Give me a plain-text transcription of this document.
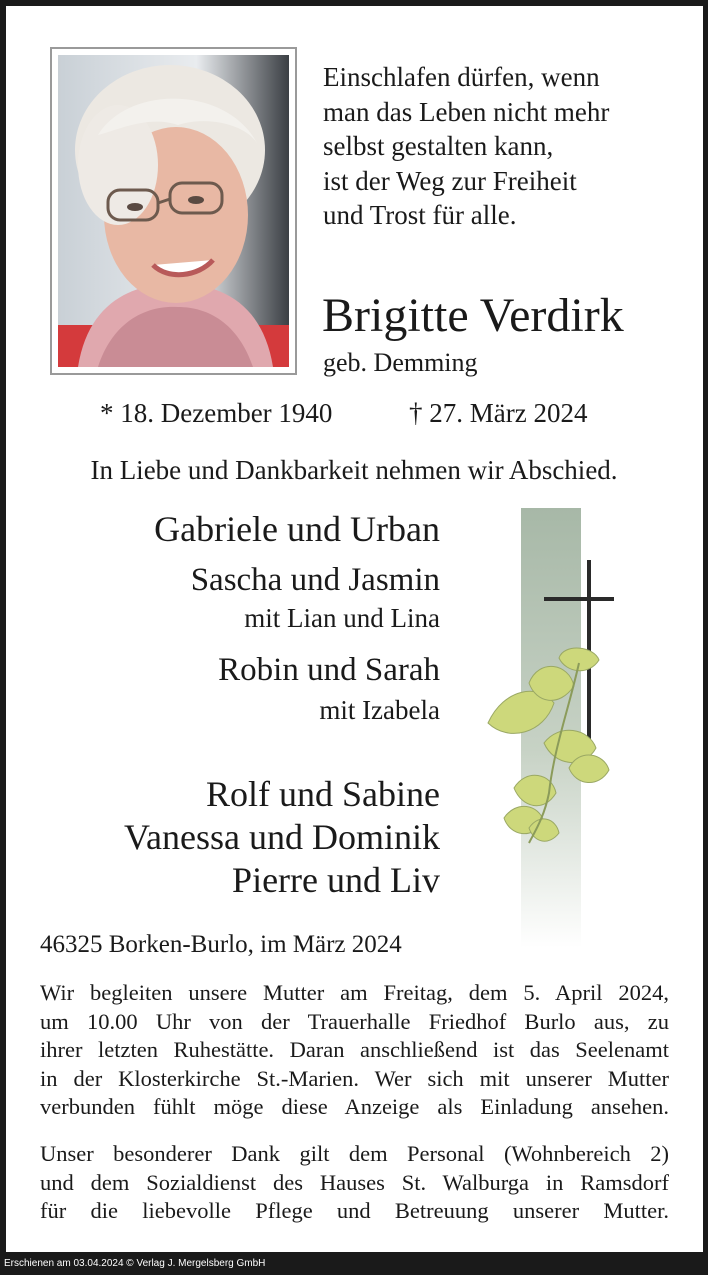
Einschlafen dürfen, wenn
man das Leben nicht mehr
selbst gestalten kann,
ist der Weg zur Freiheit
und Trost für alle.
Brigitte Verdirk
geb. Demming
* 18. Dezember 1940	† 27. März 2024
In Liebe und Dankbarkeit nehmen wir Abschied.
Gabriele und Urban
Sascha und Jasmin
mit Lian und Lina
Robin und Sarah
mit Izabela
Rolf und Sabine
Vanessa und Dominik
Pierre und Liv
46325 Borken-Burlo, im März 2024
Wir begleiten unsere Mutter am Freitag, dem 5. April 2024,
um 10.00 Uhr von der Trauerhalle Friedhof Burlo aus, zu
ihrer letzten Ruhestätte. Daran anschließend ist das Seelenamt
in der Klosterkirche St.-Marien. Wer sich mit unserer Mutter
verbunden fühlt möge diese Anzeige als Einladung ansehen.
Unser besonderer Dank gilt dem Personal (Wohnbereich 2)
und dem Sozialdienst des Hauses St. Walburga in Ramsdorf
für die liebevolle Pflege und Betreuung unserer Mutter.
Erschienen am 03.04.2024 © Verlag J. Mergelsberg GmbH
